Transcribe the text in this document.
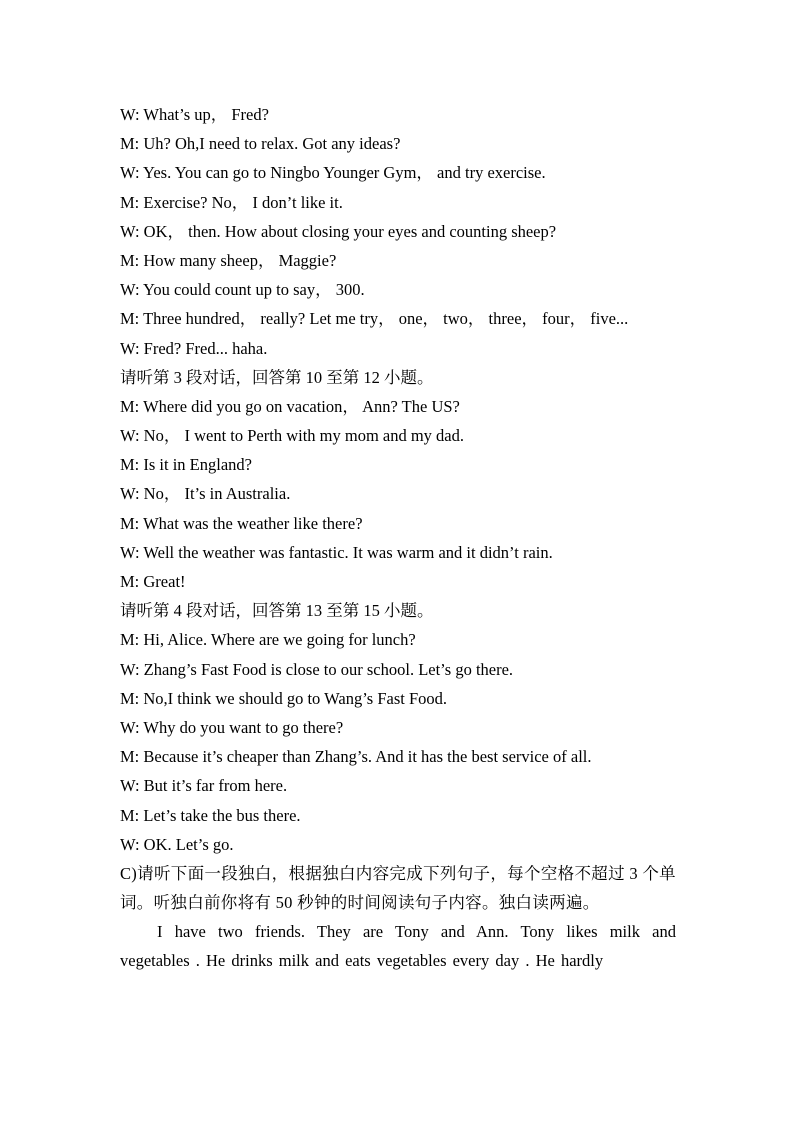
W: What’s up， Fred?
M: Uh? Oh,I need to relax. Got any ideas?
W: Yes. You can go to Ningbo Younger Gym， and try exercise.
M: Exercise? No， I don’t like it.
W: OK， then. How about closing your eyes and counting sheep?
M: How many sheep， Maggie?
W: You could count up to say， 300.
M: Three hundred， really? Let me try， one， two， three， four， five...
W: Fred? Fred... haha.
请听第 3 段对话，回答第 10 至第 12 小题。
M: Where did you go on vacation， Ann? The US?
W: No， I went to Perth with my mom and my dad.
M: Is it in England?
W: No， It’s in Australia.
M: What was the weather like there?
W: Well the weather was fantastic. It was warm and it didn’t rain.
M: Great!
请听第 4 段对话，回答第 13 至第 15 小题。
M: Hi, Alice. Where are we going for lunch?
W: Zhang’s Fast Food is close to our school. Let’s go there.
M: No,I think we should go to Wang’s Fast Food.
W: Why do you want to go there?
M: Because it’s cheaper than Zhang’s. And it has the best service of all.
W: But it’s far from here.
M: Let’s take the bus there.
W: OK. Let’s go.

C)请听下面一段独白，根据独白内容完成下列句子，每个空格不超过 3 个单词。听独白前你将有 50 秒钟的时间阅读句子内容。独白读两遍。

I have two friends. They are Tony and Ann. Tony likes milk and vegetables . He drinks milk and eats vegetables every day . He hardly
